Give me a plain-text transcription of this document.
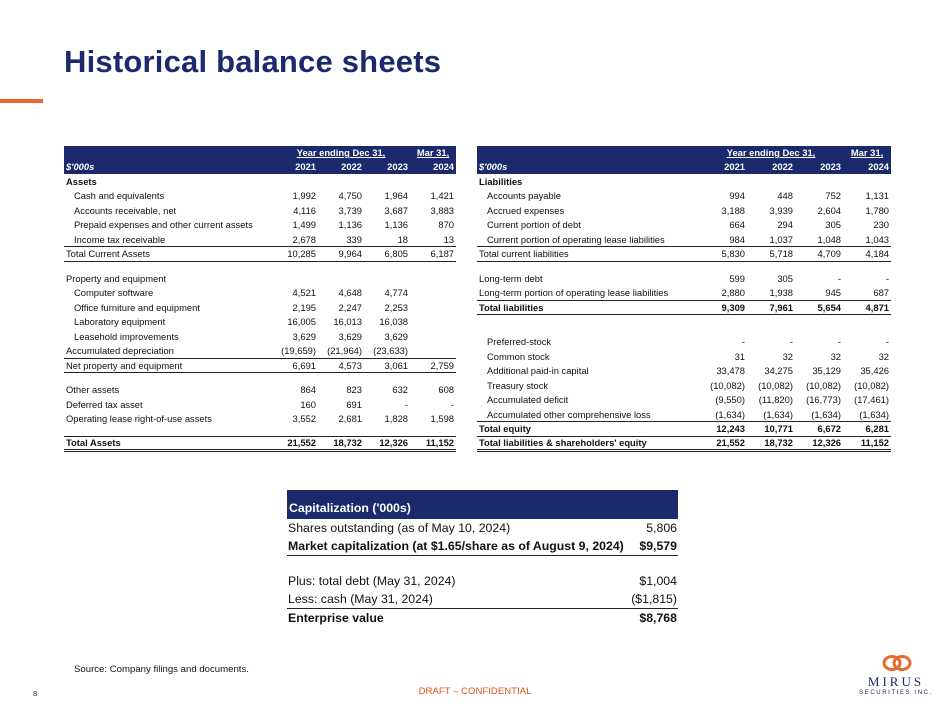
Historical balance sheets
	Year ending Dec 31,			Mar 31,
$'000s	2021	2022	2023	2024
Assets				
Cash and equivalents	1,992	4,750	1,964	1,421
Accounts receivable, net	4,116	3,739	3,687	3,883
Prepaid expenses and other current assets	1,499	1,136	1,136	870
Income tax receivable	2,678	339	18	13
Total Current Assets	10,285	9,964	6,805	6,187

Property and equipment				
Computer software	4,521	4,648	4,774	
Office furniture and equipment	2,195	2,247	2,253	
Laboratory equipment	16,005	16,013	16,038	
Leasehold improvements	3,629	3,629	3,629	
Accumulated depreciation	(19,659)	(21,964)	(23,633)	
Net property and equipment	6,691	4,573	3,061	2,759

Other assets	864	823	632	608
Deferred tax asset	160	691	-	-
Operating lease right-of-use assets	3,552	2,681	1,828	1,598

Total Assets	21,552	18,732	12,326	11,152
	Year ending Dec 31,			Mar 31,
$'000s	2021	2022	2023	2024
Liabilities				
Accounts payable	994	448	752	1,131
Accrued expenses	3,188	3,939	2,604	1,780
Current portion of debt	664	294	305	230
Current portion of operating lease liabilities	984	1,037	1,048	1,043
Total current liabilities	5,830	5,718	4,709	4,184

Long-term debt	599	305	-	-
Long-term portion of operating lease liabilities	2,880	1,938	945	687
Total liabilities	9,309	7,961	5,654	4,871

Preferred-stock	-	-	-	-
Common stock	31	32	32	32
Additional paid-in capital	33,478	34,275	35,129	35,426
Treasury stock	(10,082)	(10,082)	(10,082)	(10,082)
Accumulated deficit	(9,550)	(11,820)	(16,773)	(17,461)
Accumulated other comprehensive loss	(1,634)	(1,634)	(1,634)	(1,634)
Total equity	12,243	10,771	6,672	6,281
Total liabilities & shareholders' equity	21,552	18,732	12,326	11,152
Capitalization ('000s)	
Shares outstanding (as of May 10, 2024)	5,806
Market capitalization (at $1.65/share as of August 9, 2024)	$9,579

Plus: total debt (May 31, 2024)	$1,004
Less: cash (May 31, 2024)	($1,815)
Enterprise value	$8,768
Source: Company filings and documents.
8	DRAFT – CONFIDENTIAL
MIRUS
SECURITIES INC.
